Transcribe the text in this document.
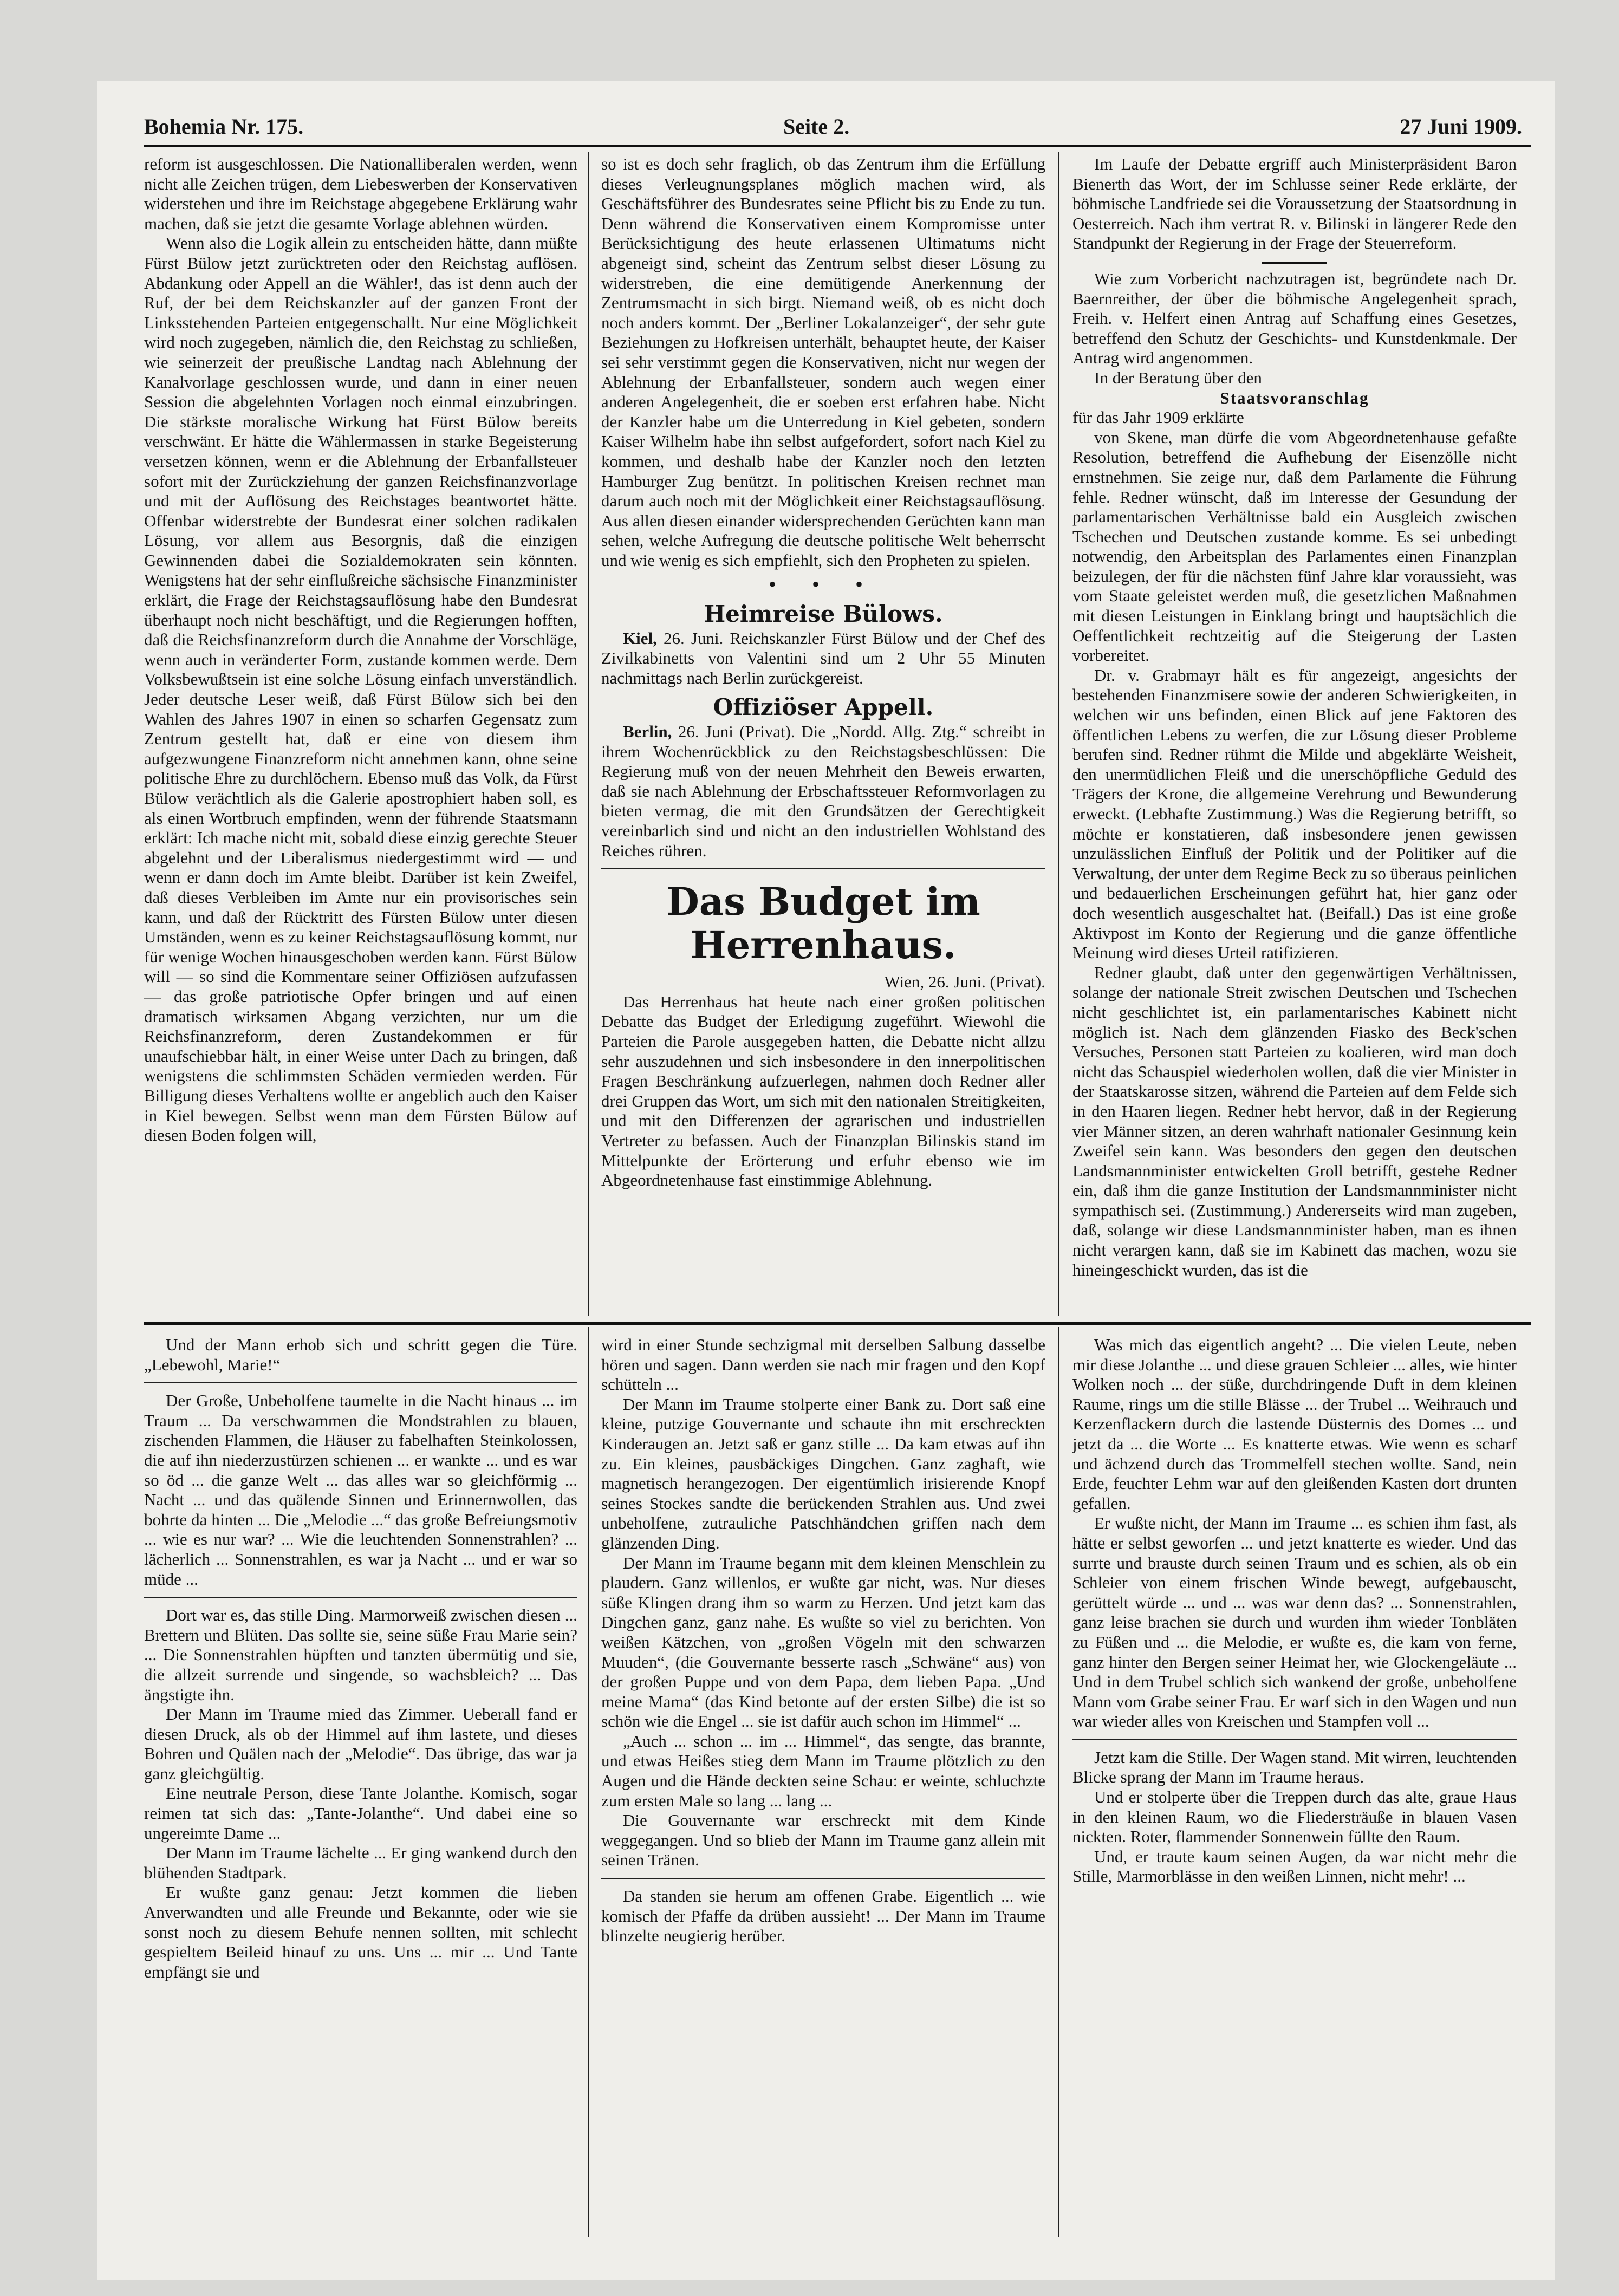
Bohemia Nr. 175.	Seite 2.	27 Juni 1909.

reform ist ausgeschlossen. Die Nationalliberalen werden, wenn nicht alle Zeichen trügen, dem Liebeswerben der Konservativen widerstehen und ihre im Reichstage abgegebene Erklärung wahr machen, daß sie jetzt die gesamte Vorlage ablehnen würden.

Wenn also die Logik allein zu entscheiden hätte, dann müßte Fürst Bülow jetzt zurücktreten oder den Reichstag auflösen. Abdankung oder Appell an die Wähler!, das ist denn auch der Ruf, der bei dem Reichskanzler auf der ganzen Front der Linksstehenden Parteien entgegenschallt. Nur eine Möglichkeit wird noch zugegeben, nämlich die, den Reichstag zu schließen, wie seinerzeit der preußische Landtag nach Ablehnung der Kanalvorlage geschlossen wurde, und dann in einer neuen Session die abgelehnten Vorlagen noch einmal einzubringen. Die stärkste moralische Wirkung hat Fürst Bülow bereits verschwänt. Er hätte die Wählermassen in starke Begeisterung versetzen können, wenn er die Ablehnung der Erbanfallsteuer sofort mit der Zurückziehung der ganzen Reichsfinanzvorlage und mit der Auflösung des Reichstages beantwortet hätte. Offenbar widerstrebte der Bundesrat einer solchen radikalen Lösung, vor allem aus Besorgnis, daß die einzigen Gewinnenden dabei die Sozialdemokraten sein könnten. Wenigstens hat der sehr einflußreiche sächsische Finanzminister erklärt, die Frage der Reichstagsauflösung habe den Bundesrat überhaupt noch nicht beschäftigt, und die Regierungen hofften, daß die Reichsfinanzreform durch die Annahme der Vorschläge, wenn auch in veränderter Form, zustande kommen werde. Dem Volksbewußtsein ist eine solche Lösung einfach unverständlich. Jeder deutsche Leser weiß, daß Fürst Bülow sich bei den Wahlen des Jahres 1907 in einen so scharfen Gegensatz zum Zentrum gestellt hat, daß er eine von diesem ihm aufgezwungene Finanzreform nicht annehmen kann, ohne seine politische Ehre zu durchlöchern. Ebenso muß das Volk, da Fürst Bülow verächtlich als die Galerie apostrophiert haben soll, es als einen Wortbruch empfinden, wenn der führende Staatsmann erklärt: Ich mache nicht mit, sobald diese einzig gerechte Steuer abgelehnt und der Liberalismus niedergestimmt wird — und wenn er dann doch im Amte bleibt. Darüber ist kein Zweifel, daß dieses Verbleiben im Amte nur ein provisorisches sein kann, und daß der Rücktritt des Fürsten Bülow unter diesen Umständen, wenn es zu keiner Reichstagsauflösung kommt, nur für wenige Wochen hinausgeschoben werden kann. Fürst Bülow will — so sind die Kommentare seiner Offiziösen aufzufassen — das große patriotische Opfer bringen und auf einen dramatisch wirksamen Abgang verzichten, nur um die Reichsfinanzreform, deren Zustandekommen er für unaufschiebbar hält, in einer Weise unter Dach zu bringen, daß wenigstens die schlimmsten Schäden vermieden werden. Für Billigung dieses Verhaltens wollte er angeblich auch den Kaiser in Kiel bewegen. Selbst wenn man dem Fürsten Bülow auf diesen Boden folgen will,

so ist es doch sehr fraglich, ob das Zentrum ihm die Erfüllung dieses Verleugnungsplanes möglich machen wird, als Geschäftsführer des Bundesrates seine Pflicht bis zu Ende zu tun. Denn während die Konservativen einem Kompromisse unter Berücksichtigung des heute erlassenen Ultimatums nicht abgeneigt sind, scheint das Zentrum selbst dieser Lösung zu widerstreben, die eine demütigende Anerkennung der Zentrumsmacht in sich birgt. Niemand weiß, ob es nicht doch noch anders kommt. Der „Berliner Lokalanzeiger“, der sehr gute Beziehungen zu Hofkreisen unterhält, behauptet heute, der Kaiser sei sehr verstimmt gegen die Konservativen, nicht nur wegen der Ablehnung der Erbanfallsteuer, sondern auch wegen einer anderen Angelegenheit, die er soeben erst erfahren habe. Nicht der Kanzler habe um die Unterredung in Kiel gebeten, sondern Kaiser Wilhelm habe ihn selbst aufgefordert, sofort nach Kiel zu kommen, und deshalb habe der Kanzler noch den letzten Hamburger Zug benützt. In politischen Kreisen rechnet man darum auch noch mit der Möglichkeit einer Reichstagsauflösung. Aus allen diesen einander widersprechenden Gerüchten kann man sehen, welche Aufregung die deutsche politische Welt beherrscht und wie wenig es sich empfiehlt, sich den Propheten zu spielen.

• • •
Heimreise Bülows.

Kiel, 26. Juni. Reichskanzler Fürst Bülow und der Chef des Zivilkabinetts von Valentini sind um 2 Uhr 55 Minuten nachmittags nach Berlin zurückgereist.

Offiziöser Appell.

Berlin, 26. Juni (Privat). Die „Nordd. Allg. Ztg.“ schreibt in ihrem Wochenrückblick zu den Reichstagsbeschlüssen: Die Regierung muß von der neuen Mehrheit den Beweis erwarten, daß sie nach Ablehnung der Erbschaftssteuer Reformvorlagen zu bieten vermag, die mit den Grundsätzen der Gerechtigkeit vereinbarlich sind und nicht an den industriellen Wohlstand des Reiches rühren.

Das Budget im Herrenhaus.

Wien, 26. Juni. (Privat).

Das Herrenhaus hat heute nach einer großen politischen Debatte das Budget der Erledigung zugeführt. Wiewohl die Parteien die Parole ausgegeben hatten, die Debatte nicht allzu sehr auszudehnen und sich insbesondere in den innerpolitischen Fragen Beschränkung aufzuerlegen, nahmen doch Redner aller drei Gruppen das Wort, um sich mit den nationalen Streitigkeiten, und mit den Differenzen der agrarischen und industriellen Vertreter zu befassen. Auch der Finanzplan Bilinskis stand im Mittelpunkte der Erörterung und erfuhr ebenso wie im Abgeordnetenhause fast einstimmige Ablehnung.

Im Laufe der Debatte ergriff auch Ministerpräsident Baron Bienerth das Wort, der im Schlusse seiner Rede erklärte, der böhmische Landfriede sei die Voraussetzung der Staatsordnung in Oesterreich. Nach ihm vertrat R. v. Bilinski in längerer Rede den Standpunkt der Regierung in der Frage der Steuerreform.

Wie zum Vorbericht nachzutragen ist, begründete nach Dr. Baernreither, der über die böhmische Angelegenheit sprach, Freih. v. Helfert einen Antrag auf Schaffung eines Gesetzes, betreffend den Schutz der Geschichts- und Kunstdenkmale. Der Antrag wird angenommen.

In der Beratung über den

Staatsvoranschlag

für das Jahr 1909 erklärte

von Skene, man dürfe die vom Abgeordnetenhause gefaßte Resolution, betreffend die Aufhebung der Eisenzölle nicht ernstnehmen. Sie zeige nur, daß dem Parlamente die Führung fehle. Redner wünscht, daß im Interesse der Gesundung der parlamentarischen Verhältnisse bald ein Ausgleich zwischen Tschechen und Deutschen zustande komme. Es sei unbedingt notwendig, den Arbeitsplan des Parlamentes einen Finanzplan beizulegen, der für die nächsten fünf Jahre klar voraussieht, was vom Staate geleistet werden muß, die gesetzlichen Maßnahmen mit diesen Leistungen in Einklang bringt und hauptsächlich die Oeffentlichkeit rechtzeitig auf die Steigerung der Lasten vorbereitet.

Dr. v. Grabmayr hält es für angezeigt, angesichts der bestehenden Finanzmisere sowie der anderen Schwierigkeiten, in welchen wir uns befinden, einen Blick auf jene Faktoren des öffentlichen Lebens zu werfen, die zur Lösung dieser Probleme berufen sind. Redner rühmt die Milde und abgeklärte Weisheit, den unermüdlichen Fleiß und die unerschöpfliche Geduld des Trägers der Krone, die allgemeine Verehrung und Bewunderung erweckt. (Lebhafte Zustimmung.) Was die Regierung betrifft, so möchte er konstatieren, daß insbesondere jenen gewissen unzulässlichen Einfluß der Politik und der Politiker auf die Verwaltung, der unter dem Regime Beck zu so überaus peinlichen und bedauerlichen Erscheinungen geführt hat, hier ganz oder doch wesentlich ausgeschaltet hat. (Beifall.) Das ist eine große Aktivpost im Konto der Regierung und die ganze öffentliche Meinung wird dieses Urteil ratifizieren.

Redner glaubt, daß unter den gegenwärtigen Verhältnissen, solange der nationale Streit zwischen Deutschen und Tschechen nicht geschlichtet ist, ein parlamentarisches Kabinett nicht möglich ist. Nach dem glänzenden Fiasko des Beck'schen Versuches, Personen statt Parteien zu koalieren, wird man doch nicht das Schauspiel wiederholen wollen, daß die vier Minister in der Staatskarosse sitzen, während die Parteien auf dem Felde sich in den Haaren liegen. Redner hebt hervor, daß in der Regierung vier Männer sitzen, an deren wahrhaft nationaler Gesinnung kein Zweifel sein kann. Was besonders den gegen den deutschen Landsmannminister entwickelten Groll betrifft, gestehe Redner ein, daß ihm die ganze Institution der Landsmannminister nicht sympathisch sei. (Zustimmung.) Andererseits wird man zugeben, daß, solange wir diese Landsmannminister haben, man es ihnen nicht verargen kann, daß sie im Kabinett das machen, wozu sie hineingeschickt wurden, das ist die

Und der Mann erhob sich und schritt gegen die Türe. „Lebewohl, Marie!“

Der Große, Unbeholfene taumelte in die Nacht hinaus ... im Traum ... Da verschwammen die Mondstrahlen zu blauen, zischenden Flammen, die Häuser zu fabelhaften Steinkolossen, die auf ihn niederzustürzen schienen ... er wankte ... und es war so öd ... die ganze Welt ... das alles war so gleichförmig ... Nacht ... und das quälende Sinnen und Erinnernwollen, das bohrte da hinten ... Die „Melodie ...“ das große Befreiungsmotiv ... wie es nur war? ... Wie die leuchtenden Sonnenstrahlen? ... lächerlich ... Sonnenstrahlen, es war ja Nacht ... und er war so müde ...

Dort war es, das stille Ding. Marmorweiß zwischen diesen ... Brettern und Blüten. Das sollte sie, seine süße Frau Marie sein? ... Die Sonnenstrahlen hüpften und tanzten übermütig und sie, die allzeit surrende und singende, so wachsbleich? ... Das ängstigte ihn.

Der Mann im Traume mied das Zimmer. Ueberall fand er diesen Druck, als ob der Himmel auf ihm lastete, und dieses Bohren und Quälen nach der „Melodie“. Das übrige, das war ja ganz gleichgültig.

Eine neutrale Person, diese Tante Jolanthe. Komisch, sogar reimen tat sich das: „Tante-Jolanthe“. Und dabei eine so ungereimte Dame ...

Der Mann im Traume lächelte ... Er ging wankend durch den blühenden Stadtpark.

Er wußte ganz genau: Jetzt kommen die lieben Anverwandten und alle Freunde und Bekannte, oder wie sie sonst noch zu diesem Behufe nennen sollten, mit schlecht gespieltem Beileid hinauf zu uns. Uns ... mir ... Und Tante empfängt sie und

wird in einer Stunde sechzigmal mit derselben Salbung dasselbe hören und sagen. Dann werden sie nach mir fragen und den Kopf schütteln ...

Der Mann im Traume stolperte einer Bank zu. Dort saß eine kleine, putzige Gouvernante und schaute ihn mit erschreckten Kinderaugen an. Jetzt saß er ganz stille ... Da kam etwas auf ihn zu. Ein kleines, pausbäckiges Dingchen. Ganz zaghaft, wie magnetisch herangezogen. Der eigentümlich irisierende Knopf seines Stockes sandte die berückenden Strahlen aus. Und zwei unbeholfene, zutrauliche Patschhändchen griffen nach dem glänzenden Ding.

Der Mann im Traume begann mit dem kleinen Menschlein zu plaudern. Ganz willenlos, er wußte gar nicht, was. Nur dieses süße Klingen drang ihm so warm zu Herzen. Und jetzt kam das Dingchen ganz, ganz nahe. Es wußte so viel zu berichten. Von weißen Kätzchen, von „großen Vögeln mit den schwarzen Muuden“, (die Gouvernante besserte rasch „Schwäne“ aus) von der großen Puppe und von dem Papa, dem lieben Papa. „Und meine Mama“ (das Kind betonte auf der ersten Silbe) die ist so schön wie die Engel ... sie ist dafür auch schon im Himmel“ ...

„Auch ... schon ... im ... Himmel“, das sengte, das brannte, und etwas Heißes stieg dem Mann im Traume plötzlich zu den Augen und die Hände deckten seine Schau: er weinte, schluchzte zum ersten Male so lang ... lang ...

Die Gouvernante war erschreckt mit dem Kinde weggegangen. Und so blieb der Mann im Traume ganz allein mit seinen Tränen.

Da standen sie herum am offenen Grabe. Eigentlich ... wie komisch der Pfaffe da drüben aussieht! ... Der Mann im Traume blinzelte neugierig herüber.

Was mich das eigentlich angeht? ... Die vielen Leute, neben mir diese Jolanthe ... und diese grauen Schleier ... alles, wie hinter Wolken noch ... der süße, durchdringende Duft in dem kleinen Raume, rings um die stille Blässe ... der Trubel ... Weihrauch und Kerzenflackern durch die lastende Düsternis des Domes ... und jetzt da ... die Worte ... Es knatterte etwas. Wie wenn es scharf und ächzend durch das Trommelfell stechen wollte. Sand, nein Erde, feuchter Lehm war auf den gleißenden Kasten dort drunten gefallen.

Er wußte nicht, der Mann im Traume ... es schien ihm fast, als hätte er selbst geworfen ... und jetzt knatterte es wieder. Und das surrte und brauste durch seinen Traum und es schien, als ob ein Schleier von einem frischen Winde bewegt, aufgebauscht, gerüttelt würde ... und ... was war denn das? ... Sonnenstrahlen, ganz leise brachen sie durch und wurden ihm wieder Tonbläten zu Füßen und ... die Melodie, er wußte es, die kam von ferne, ganz hinter den Bergen seiner Heimat her, wie Glockengeläute ... Und in dem Trubel schlich sich wankend der große, unbeholfene Mann vom Grabe seiner Frau. Er warf sich in den Wagen und nun war wieder alles von Kreischen und Stampfen voll ...

Jetzt kam die Stille. Der Wagen stand. Mit wirren, leuchtenden Blicke sprang der Mann im Traume heraus.

Und er stolperte über die Treppen durch das alte, graue Haus in den kleinen Raum, wo die Fliedersträuße in blauen Vasen nickten. Roter, flammender Sonnenwein füllte den Raum.

Und, er traute kaum seinen Augen, da war nicht mehr die Stille, Marmorblässe in den weißen Linnen, nicht mehr! ...
